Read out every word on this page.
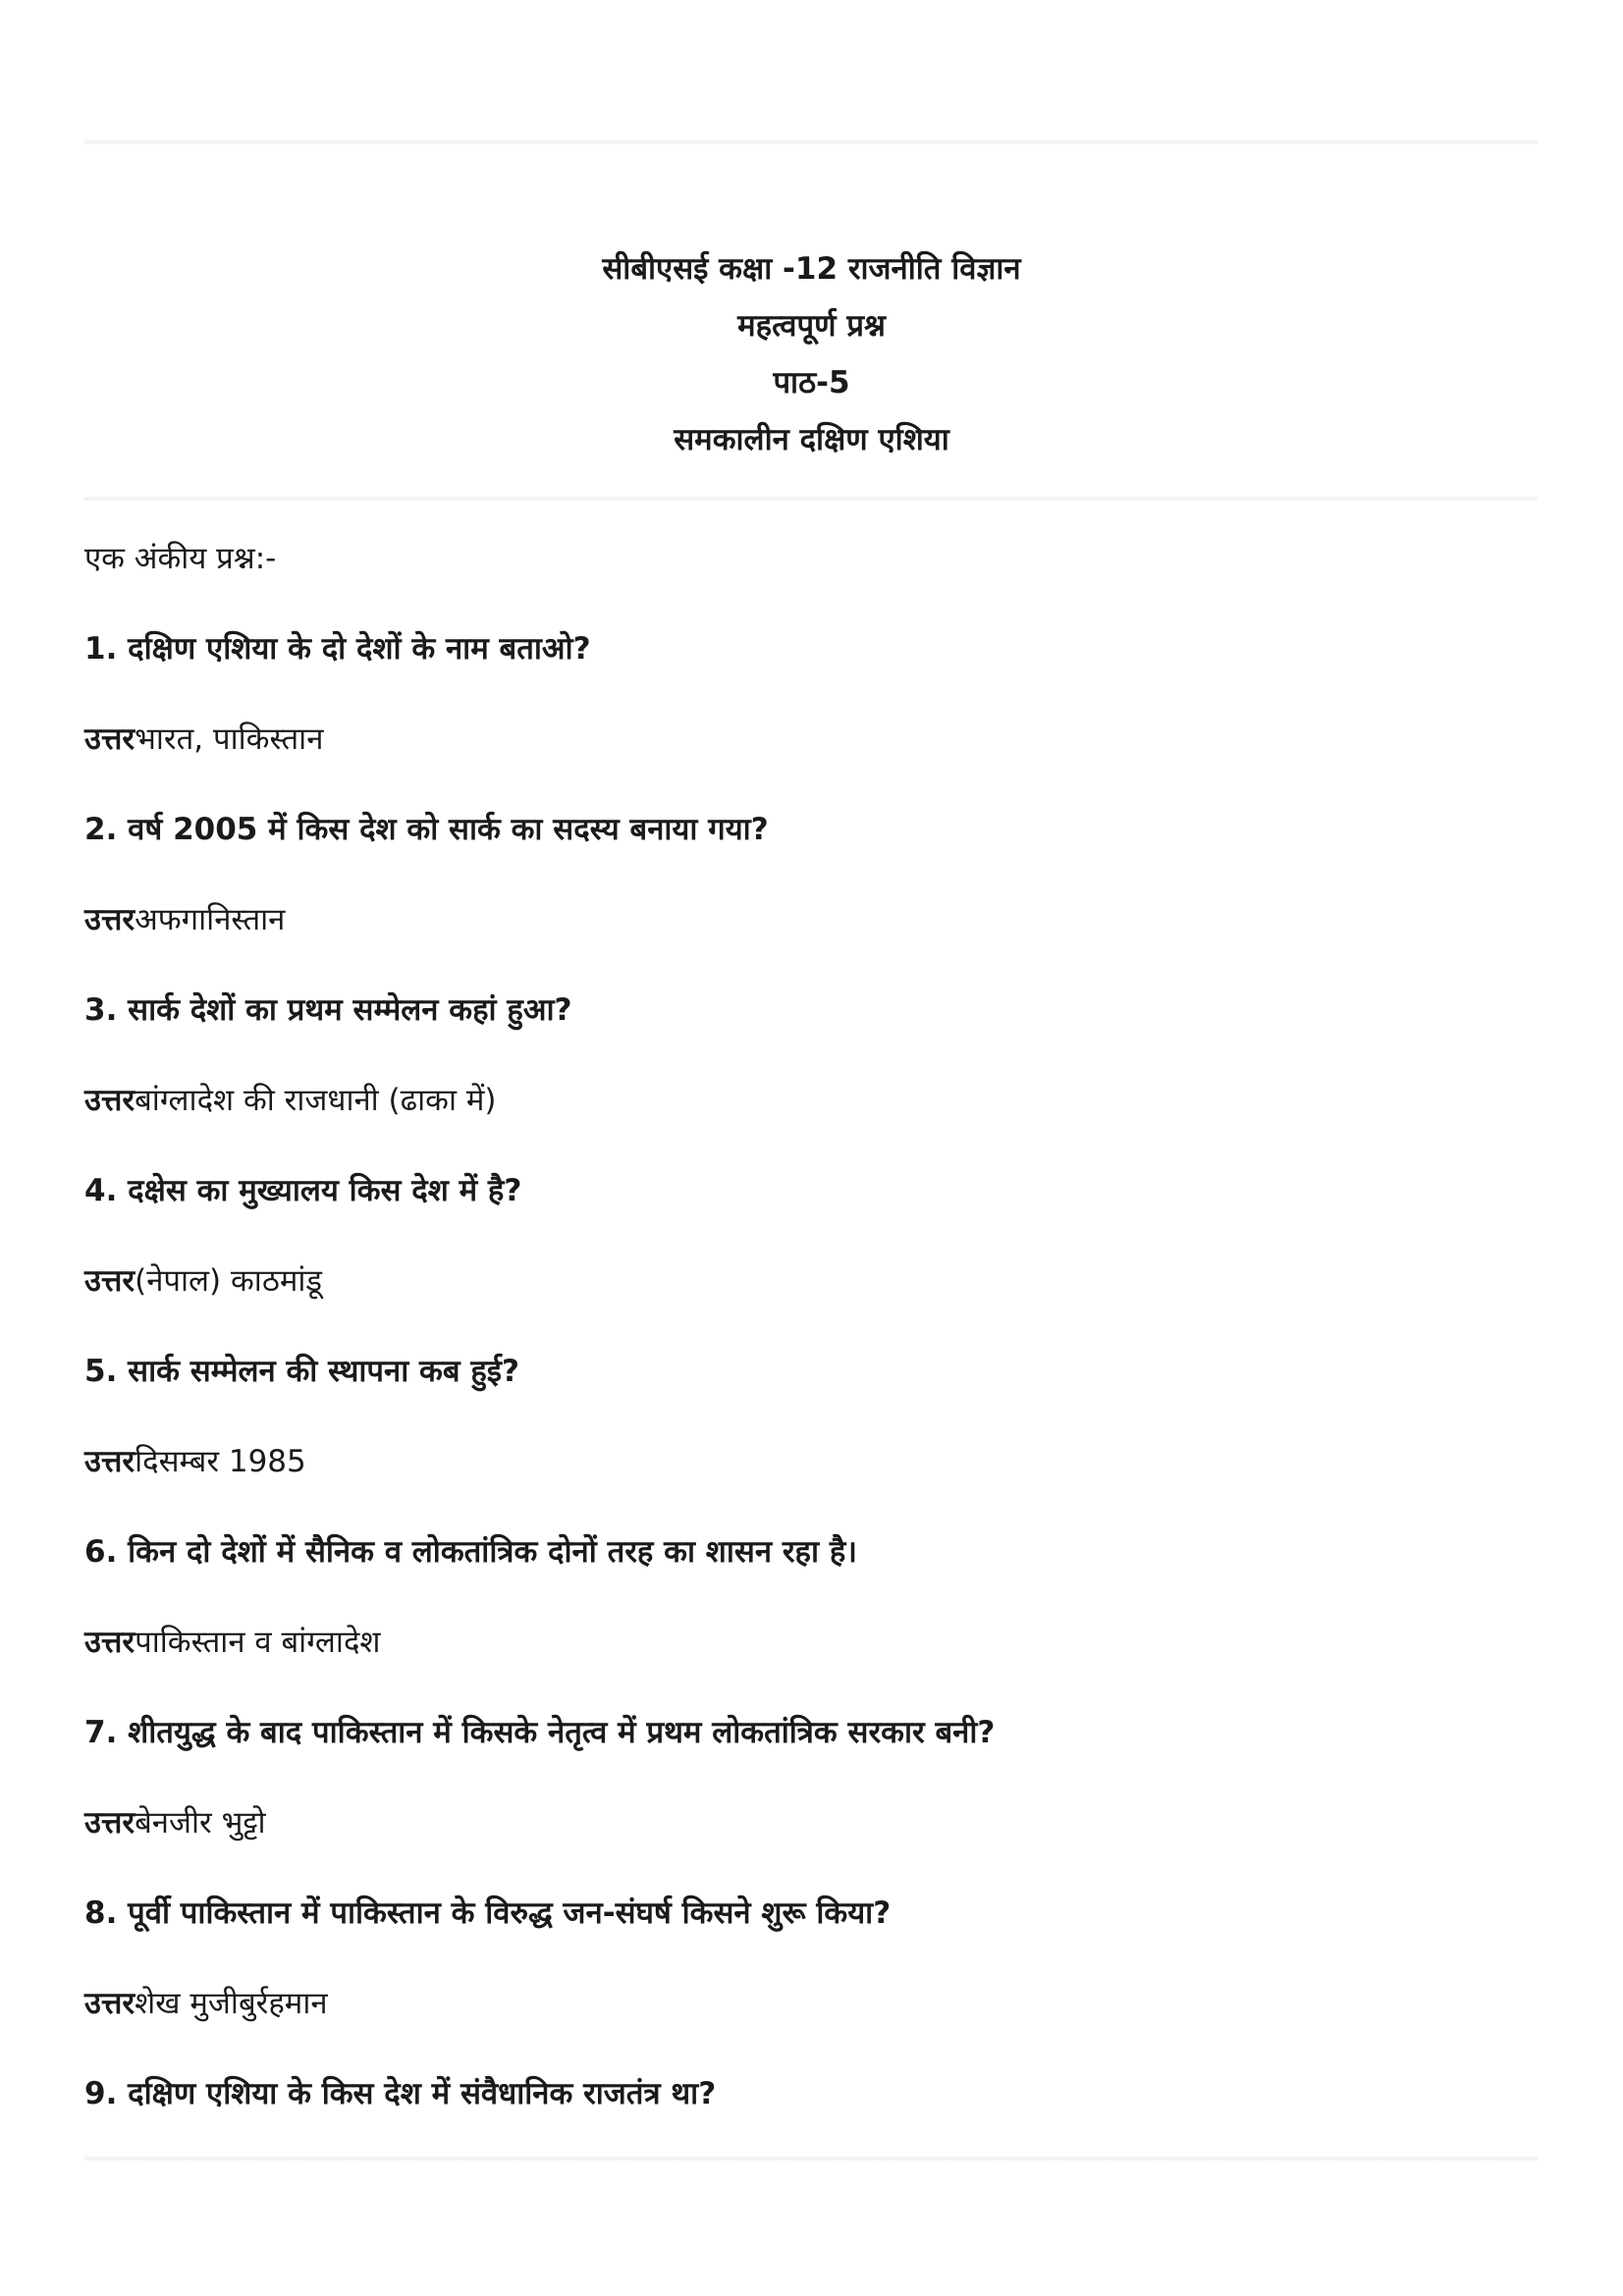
सीबीएसई कक्षा -12 राजनीति विज्ञान
महत्वपूर्ण प्रश्न
पाठ-5
समकालीन दक्षिण एशिया
एक अंकीय प्रश्न:-
1. दक्षिण एशिया के दो देशों के नाम बताओ?
उत्तरभारत, पाकिस्तान
2. वर्ष 2005 में किस देश को सार्क का सदस्य बनाया गया?
उत्तरअफगानिस्तान
3. सार्क देशों का प्रथम सम्मेलन कहां हुआ?
उत्तरबांग्लादेश की राजधानी (ढाका में)
4. दक्षेस का मुख्यालय किस देश में है?
उत्तर(नेपाल) काठमांडू
5. सार्क सम्मेलन की स्थापना कब हुई?
उत्तरदिसम्बर 1985
6. किन दो देशों में सैनिक व लोकतांत्रिक दोनों तरह का शासन रहा है।
उत्तरपाकिस्तान व बांग्लादेश
7. शीतयुद्ध के बाद पाकिस्तान में किसके नेतृत्व में प्रथम लोकतांत्रिक सरकार बनी?
उत्तरबेनजीर भुट्टो
8. पूर्वी पाकिस्तान में पाकिस्तान के विरुद्ध जन-संघर्ष किसने शुरू किया?
उत्तरशेख मुजीबुर्रहमान
9. दक्षिण एशिया के किस देश में संवैधानिक राजतंत्र था?
